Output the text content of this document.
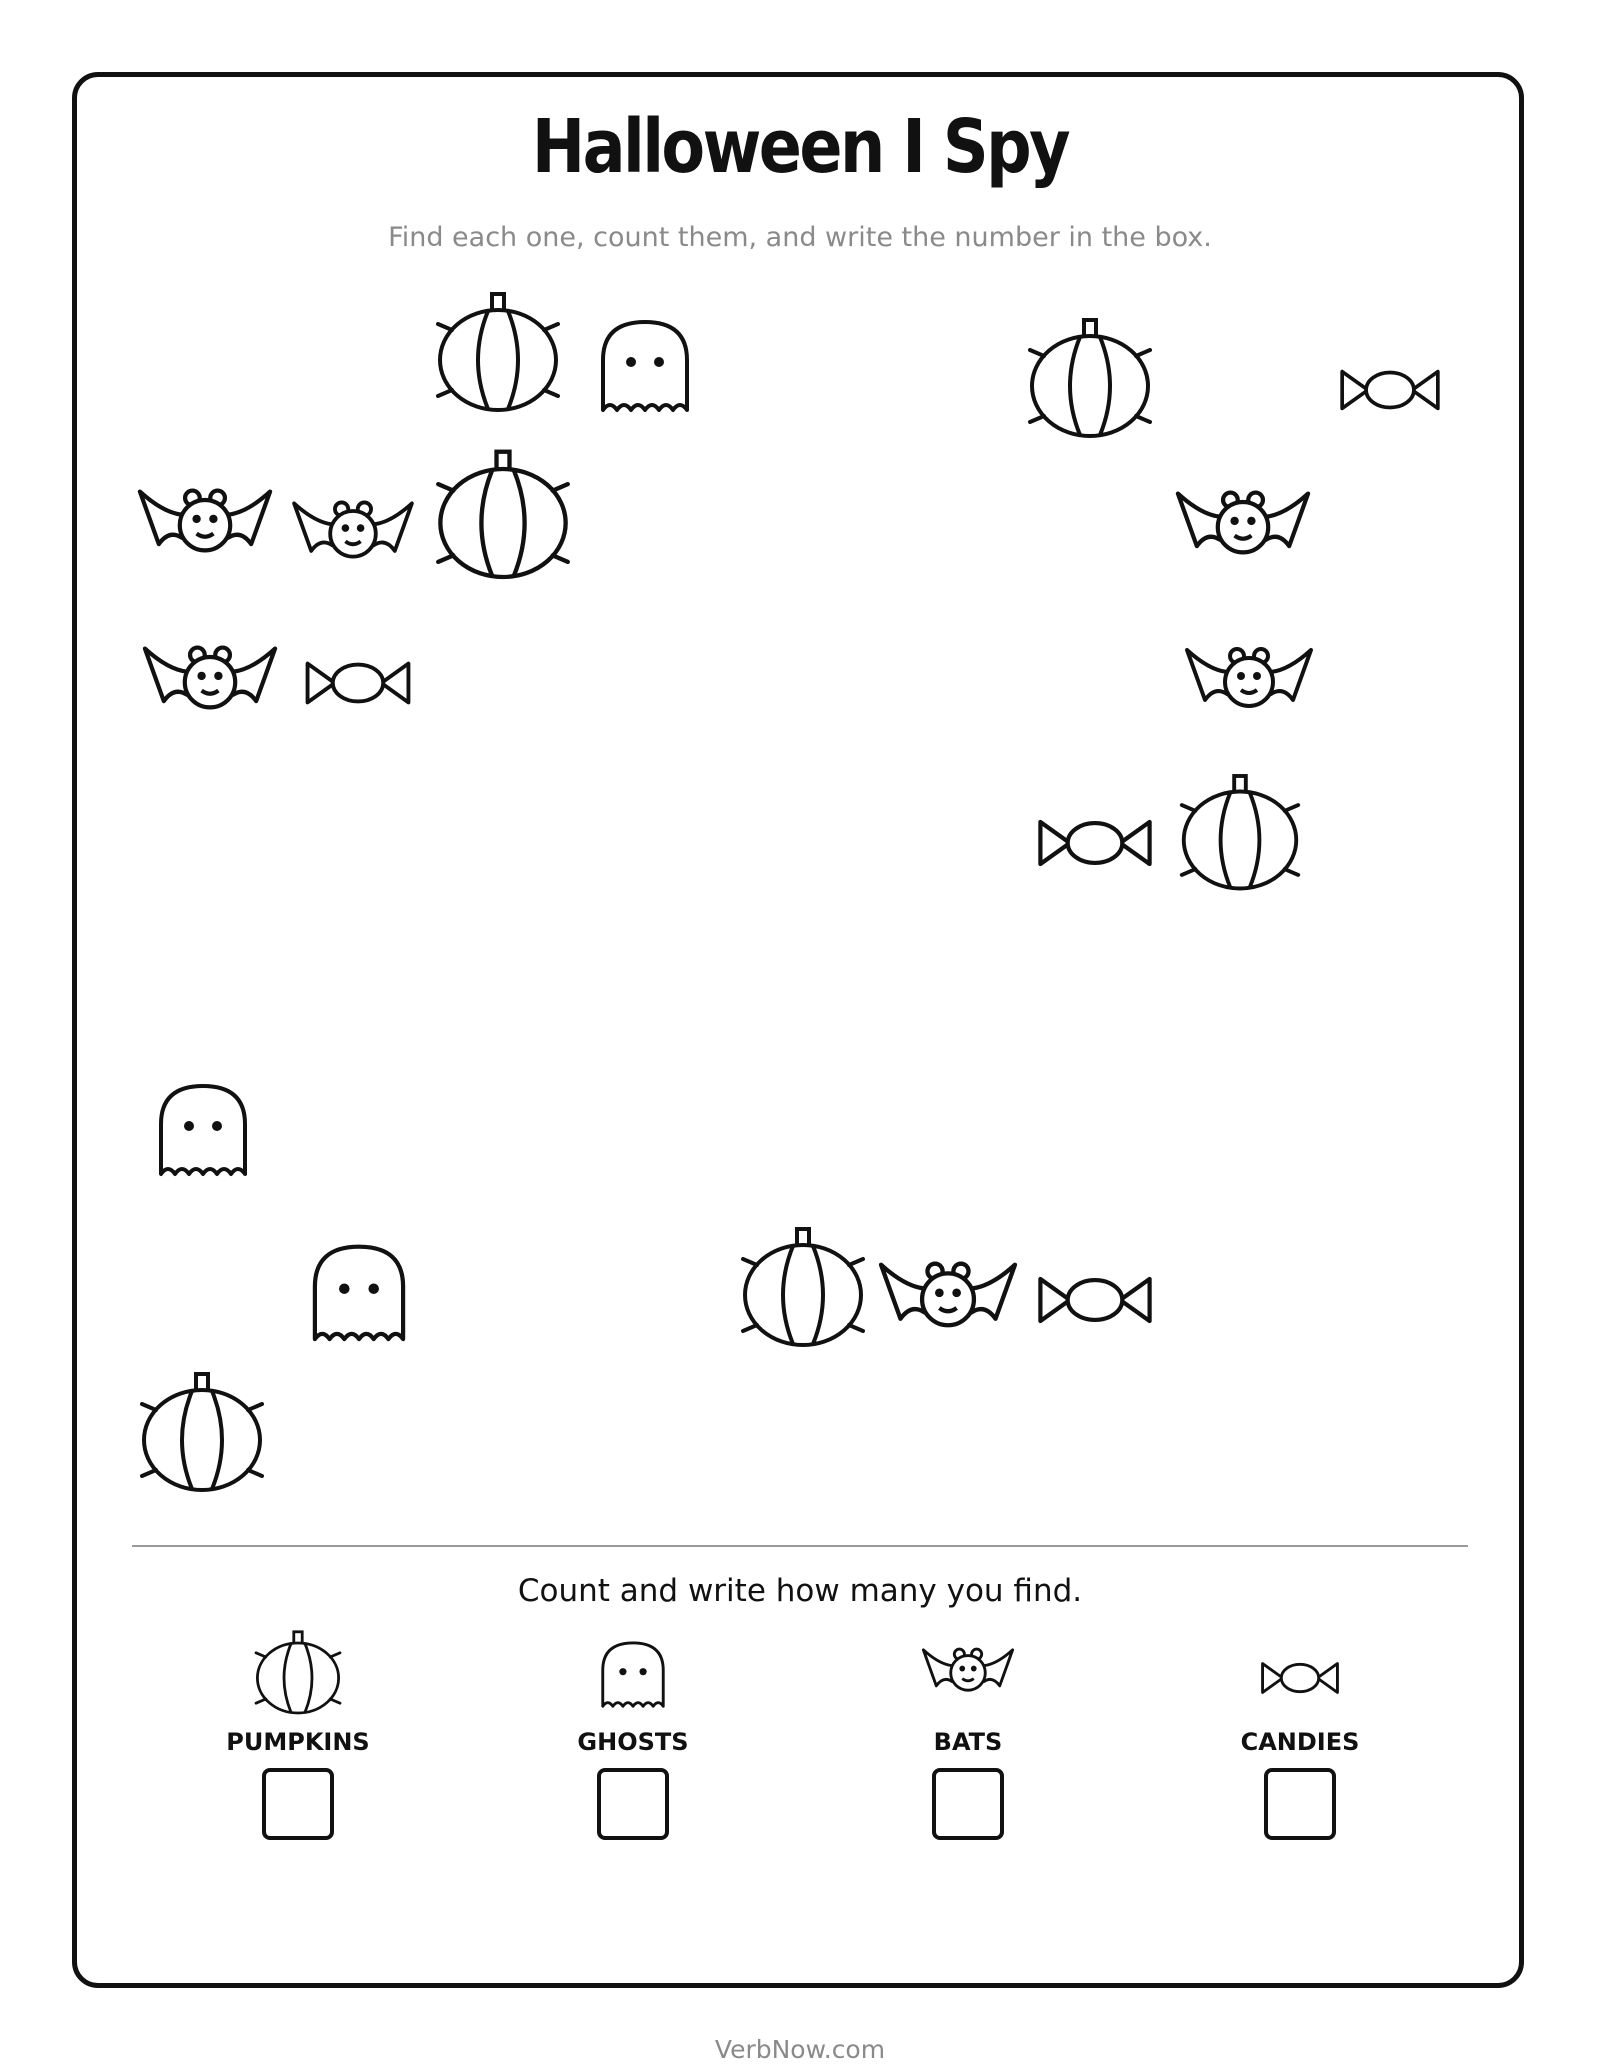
Halloween I Spy
Find each one, count them, and write the number in the box.
Count and write how many you find.
PUMPKINS	GHOSTS	BATS	CANDIES
VerbNow.com
